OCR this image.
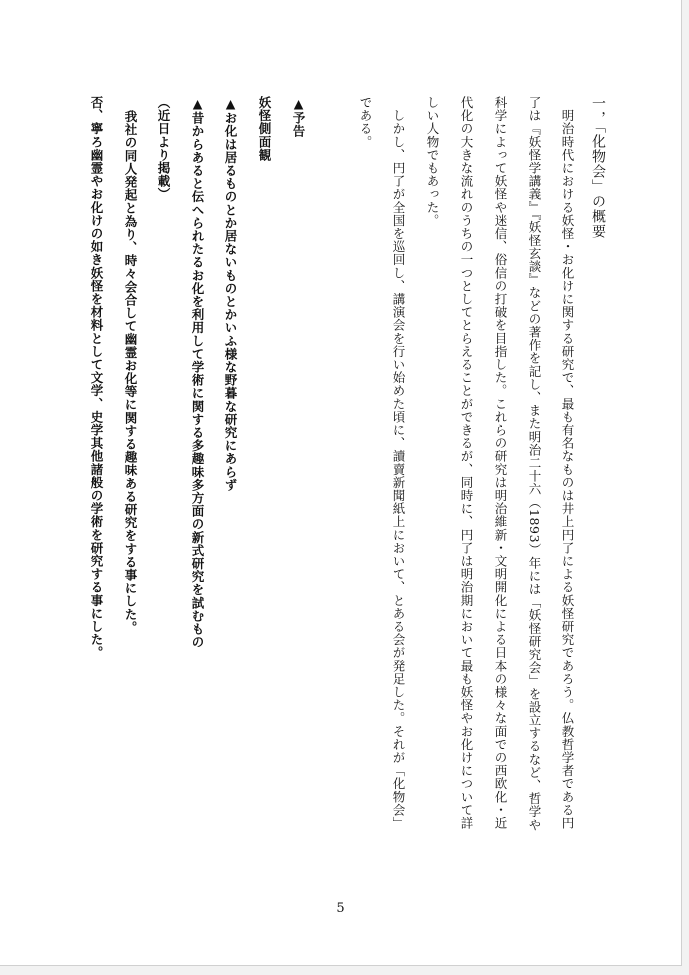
一，「化物会」の概要

　明治時代における妖怪・お化けに関する研究で、最も有名なものは井上円了による妖怪研究であろう。仏教哲学者である円

了は『妖怪学講義』『妖怪玄談』などの著作を記し、また明治二十六（1893）年には「妖怪研究会」を設立するなど、哲学や

科学によって妖怪や迷信、俗信の打破を目指した。これらの研究は明治維新・文明開化による日本の様々な面での西欧化・近

代化の大きな流れのうちの一つとしてとらえることができるが、同時に、円了は明治期において最も妖怪やお化けについて詳

しい人物でもあった。

　しかし、円了が全国を巡回し、講演会を行い始めた頃に、讀賣新聞紙上において、とある会が発足した。それが「化物会」

である。

▲予告

妖怪側面観

▲お化は居るものとか居ないものとかいふ様な野暮な研究にあらず

▲昔からあると伝へられたるお化を利用して学術に関する多趣味多方面の新式研究を試むもの

（近日より掲載）

我社の同人発起と為り、時々会合して幽霊お化等に関する趣味ある研究をする事にした。

否、寧ろ幽霊やお化けの如き妖怪を材料として文学、史学其他諸般の学術を研究する事にした。

5
